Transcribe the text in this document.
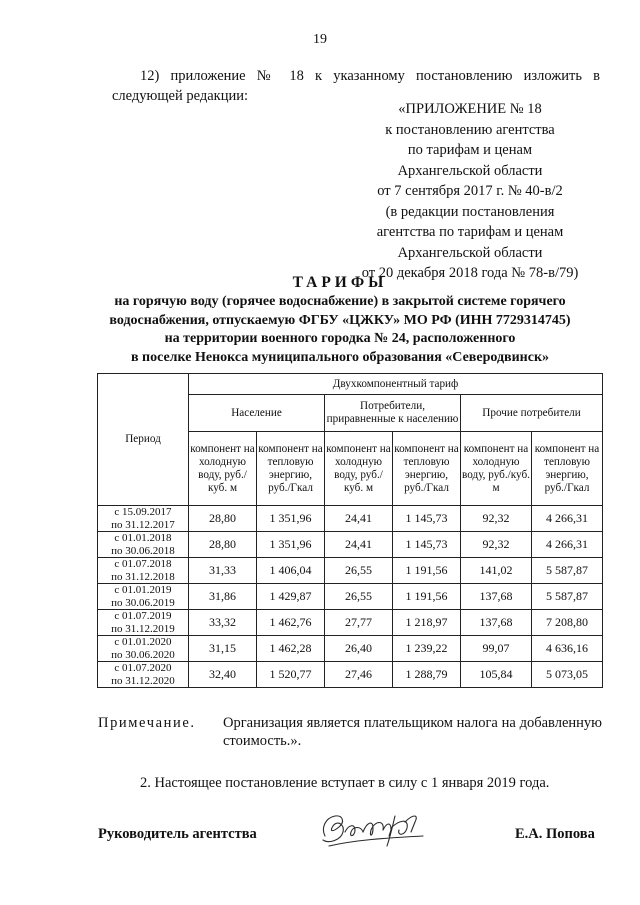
19
12) приложение № 18 к указанному постановлению изложить в следующей редакции:
«ПРИЛОЖЕНИЕ № 18
к постановлению агентства
по тарифам и ценам
Архангельской области
от 7 сентября 2017 г. № 40-в/2
(в редакции постановления
агентства по тарифам и ценам
Архангельской области
от 20 декабря 2018 года № 78-в/79)
ТАРИФЫ
на горячую воду (горячее водоснабжение) в закрытой системе горячего
водоснабжения, отпускаемую ФГБУ «ЦЖКУ» МО РФ (ИНН 7729314745)
на территории военного городка № 24, расположенного
в поселке Ненокса муниципального образования «Северодвинск»
Период	Двухкомпонентный тариф					
	Население		Потребители, приравненные к населению		Прочие потребители	
	компонент на холодную воду, руб./куб. м	компонент на тепловую энергию, руб./Гкал	компонент на холодную воду, руб./куб. м	компонент на тепловую энергию, руб./Гкал	компонент на холодную воду, руб./куб. м	компонент на тепловую энергию, руб./Гкал

с 15.09.2017
по 31.12.2017	28,80	1 351,96	24,41	1 145,73	92,32	4 266,31

с 01.01.2018
по 30.06.2018	28,80	1 351,96	24,41	1 145,73	92,32	4 266,31

с 01.07.2018
по 31.12.2018	31,33	1 406,04	26,55	1 191,56	141,02	5 587,87

с 01.01.2019
по 30.06.2019	31,86	1 429,87	26,55	1 191,56	137,68	5 587,87

с 01.07.2019
по 31.12.2019	33,32	1 462,76	27,77	1 218,97	137,68	7 208,80

с 01.01.2020
по 30.06.2020	31,15	1 462,28	26,40	1 239,22	99,07	4 636,16

с 01.07.2020
по 31.12.2020	32,40	1 520,77	27,46	1 288,79	105,84	5 073,05
Примечание. Организация является плательщиком налога на добавленную стоимость.».
2. Настоящее постановление вступает в силу с 1 января 2019 года.
Руководитель агентства	Е.А. Попова
